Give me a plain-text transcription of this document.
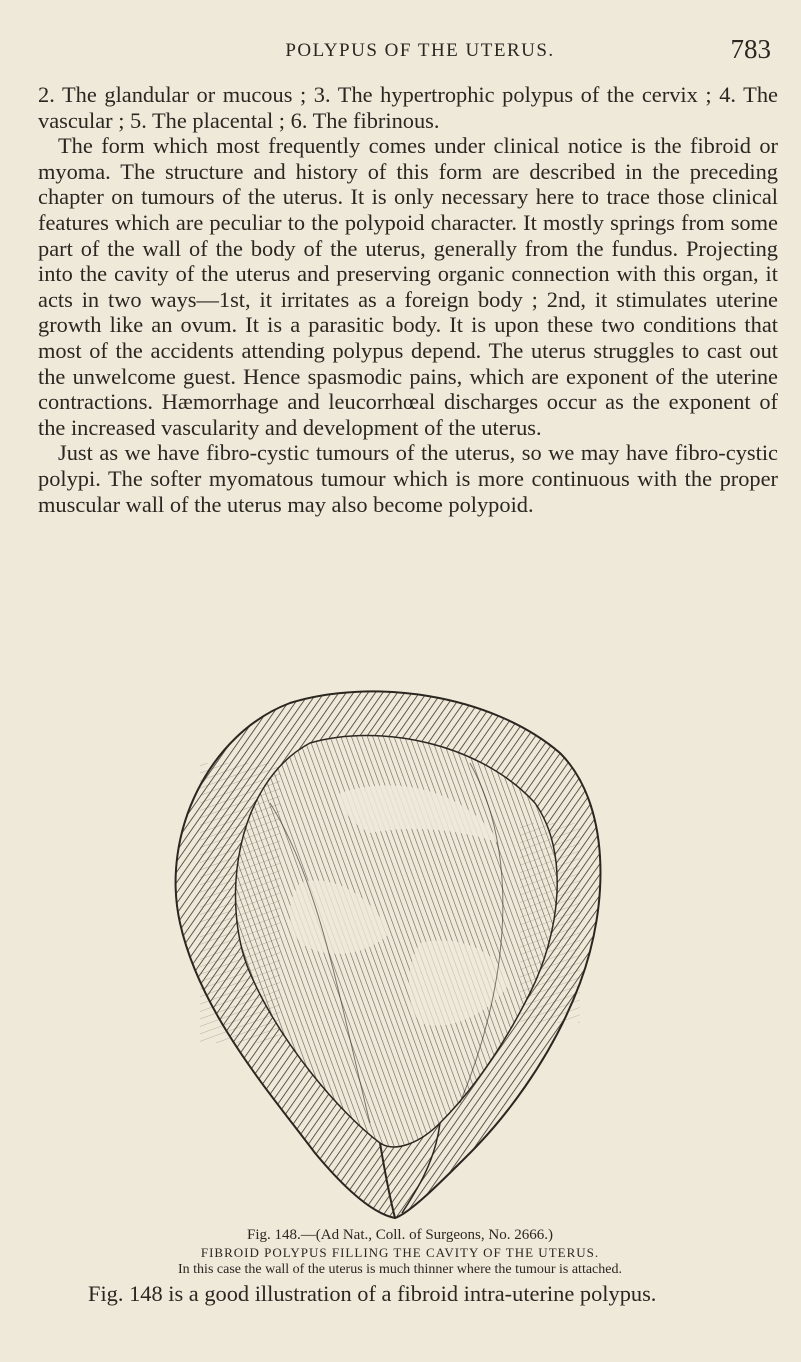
POLYPUS OF THE UTERUS.	783

2. The glandular or mucous ; 3. The hypertrophic polypus of the cervix ; 4. The vascular ; 5. The placental ; 6. The fibrinous.

The form which most frequently comes under clinical notice is the fibroid or myoma. The structure and history of this form are described in the preceding chapter on tumours of the uterus. It is only necessary here to trace those clinical features which are peculiar to the polypoid character. It mostly springs from some part of the wall of the body of the uterus, generally from the fundus. Projecting into the cavity of the uterus and preserving organic connection with this organ, it acts in two ways—1st, it irritates as a foreign body ; 2nd, it stimulates uterine growth like an ovum. It is a parasitic body. It is upon these two conditions that most of the accidents attending polypus depend. The uterus struggles to cast out the unwelcome guest. Hence spasmodic pains, which are exponent of the uterine contractions. Hæmorrhage and leucorrhœal discharges occur as the exponent of the increased vascularity and development of the uterus.

Just as we have fibro-cystic tumours of the uterus, so we may have fibro-cystic polypi. The softer myomatous tumour which is more continuous with the proper muscular wall of the uterus may also become polypoid.

Fig. 148.—(Ad Nat., Coll. of Surgeons, No. 2666.)
FIBROID POLYPUS FILLING THE CAVITY OF THE UTERUS.
In this case the wall of the uterus is much thinner where the tumour is attached.

Fig. 148 is a good illustration of a fibroid intra-uterine polypus.
